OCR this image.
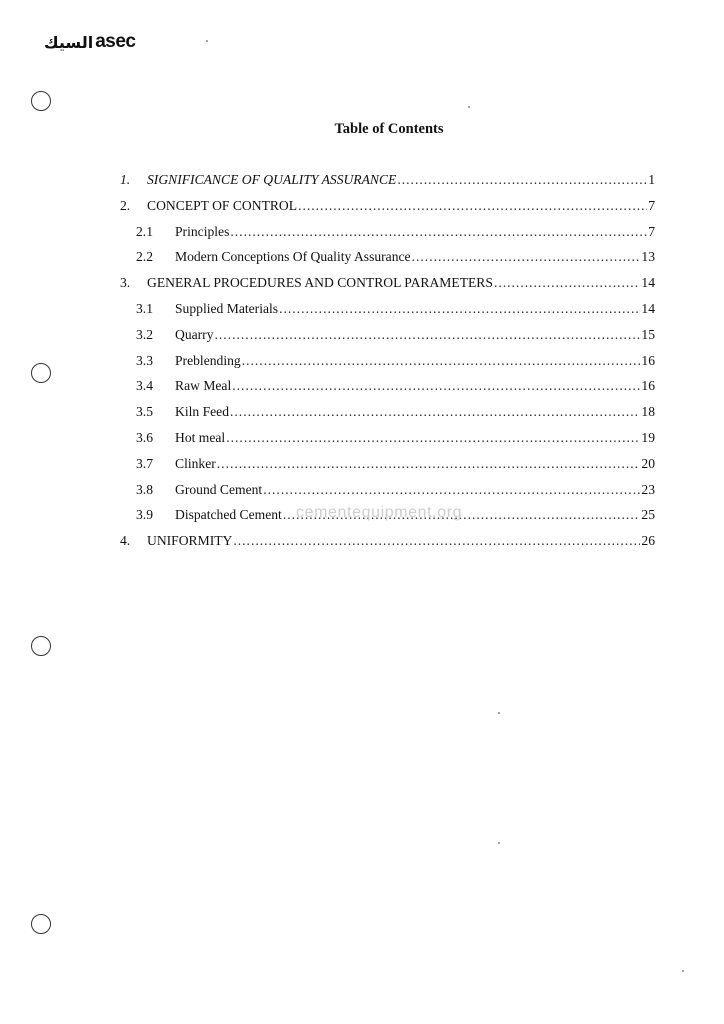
السيك asec
Table of Contents
1.	SIGNIFICANCE OF QUALITY ASSURANCE .....	1
2.	CONCEPT OF CONTROL .....	7
2.1	Principles .....	7
2.2	Modern Conceptions Of Quality Assurance .....	13
3.	GENERAL PROCEDURES AND CONTROL PARAMETERS .....	14
3.1	Supplied Materials .....	14
3.2	Quarry .....	15
3.3	Preblending .....	16
3.4	Raw Meal .....	16
3.5	Kiln Feed .....	18
3.6	Hot meal .....	19
3.7	Clinker .....	20
3.8	Ground Cement .....	23
3.9	Dispatched Cement .....	25
4.	UNIFORMITY .....	26
cementequipment.org
